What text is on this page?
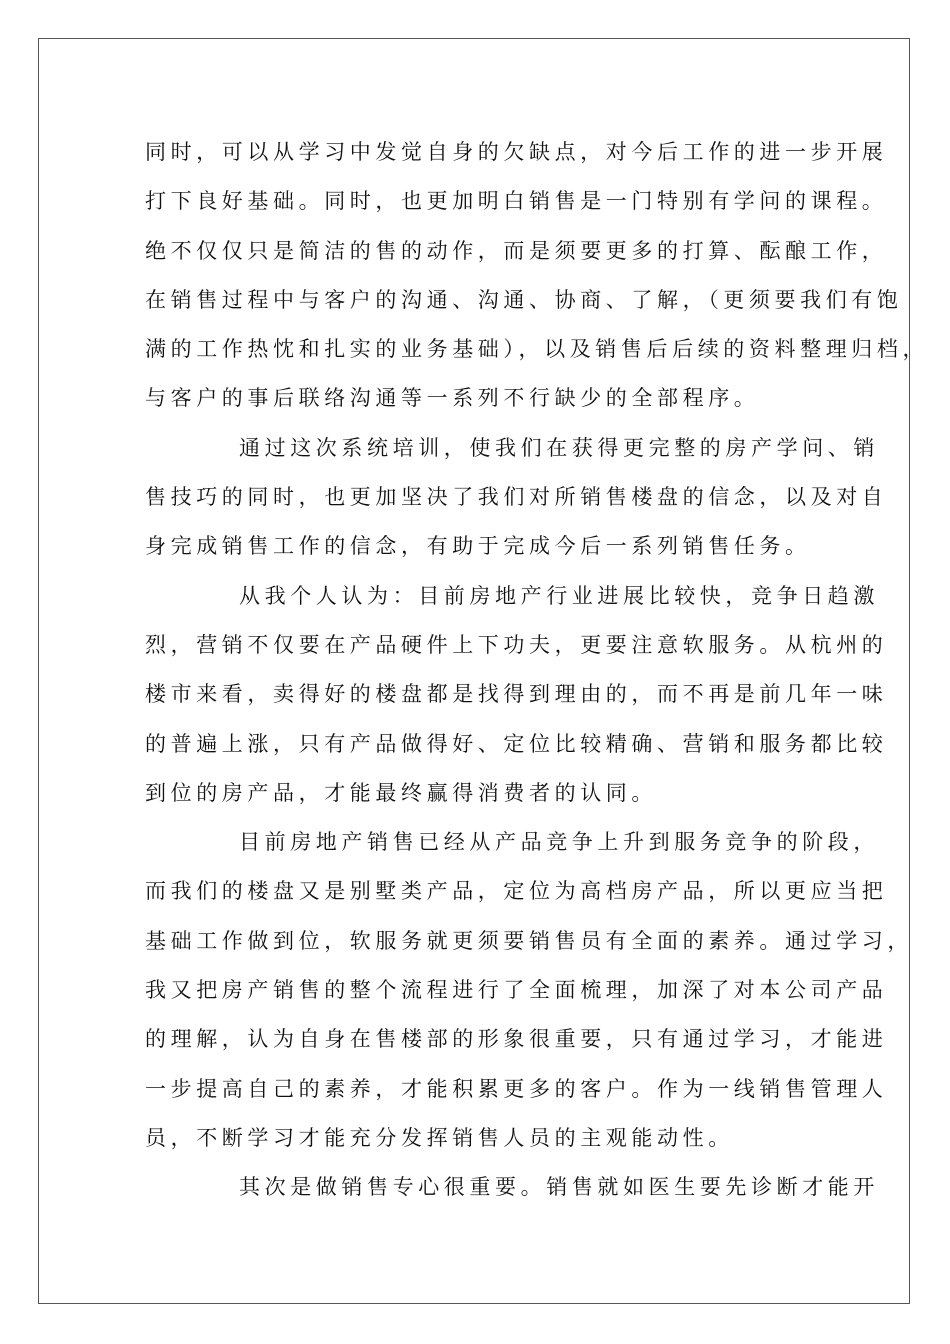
同时，可以从学习中发觉自身的欠缺点，对今后工作的进一步开展
打下良好基础。同时，也更加明白销售是一门特别有学问的课程。
绝不仅仅只是简洁的售的动作，而是须要更多的打算、酝酿工作，
在销售过程中与客户的沟通、沟通、协商、了解，（更须要我们有饱
满的工作热忱和扎实的业务基础），以及销售后后续的资料整理归档，
与客户的事后联络沟通等一系列不行缺少的全部程序。
通过这次系统培训，使我们在获得更完整的房产学问、销
售技巧的同时，也更加坚决了我们对所销售楼盘的信念，以及对自
身完成销售工作的信念，有助于完成今后一系列销售任务。
从我个人认为：目前房地产行业进展比较快，竞争日趋激
烈，营销不仅要在产品硬件上下功夫，更要注意软服务。从杭州的
楼市来看，卖得好的楼盘都是找得到理由的，而不再是前几年一味
的普遍上涨，只有产品做得好、定位比较精确、营销和服务都比较
到位的房产品，才能最终赢得消费者的认同。
目前房地产销售已经从产品竞争上升到服务竞争的阶段，
而我们的楼盘又是别墅类产品，定位为高档房产品，所以更应当把
基础工作做到位，软服务就更须要销售员有全面的素养。通过学习，
我又把房产销售的整个流程进行了全面梳理，加深了对本公司产品
的理解，认为自身在售楼部的形象很重要，只有通过学习，才能进
一步提高自己的素养，才能积累更多的客户。作为一线销售管理人
员，不断学习才能充分发挥销售人员的主观能动性。
其次是做销售专心很重要。销售就如医生要先诊断才能开
